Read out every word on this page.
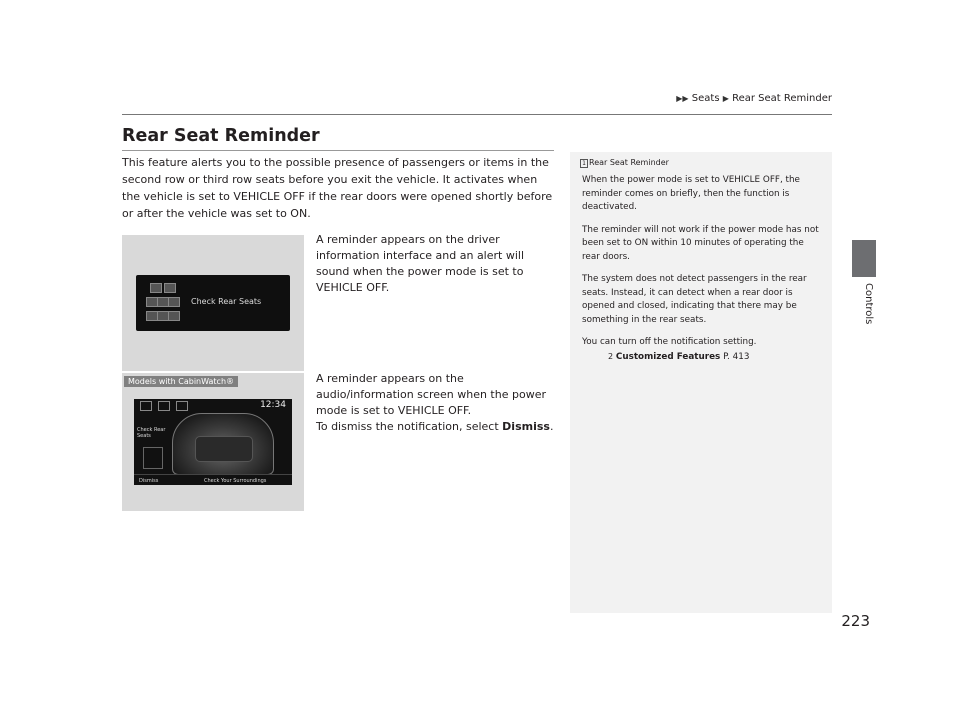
▶▶ Seats ▶ Rear Seat Reminder
Rear Seat Reminder

This feature alerts you to the possible presence of passengers or items in the second row or third row seats before you exit the vehicle. It activates when the vehicle is set to VEHICLE OFF if the rear doors were opened shortly before or after the vehicle was set to ON.

Controls
Check Rear Seats

A reminder appears on the driver information interface and an alert will sound when the power mode is set to VEHICLE OFF.

12:34
Check Rear Seats
Dismiss	Check Your Surroundings
Models with CabinWatch®	A reminder appears on the audio/information screen when the power mode is set to VEHICLE OFF.
To dismiss the notification, select Dismiss.

1 Rear Seat Reminder

When the power mode is set to VEHICLE OFF, the reminder comes on briefly, then the function is deactivated.

The reminder will not work if the power mode has not been set to ON within 10 minutes of operating the rear doors.

The system does not detect passengers in the rear seats. Instead, it can detect when a rear door is opened and closed, indicating that there may be something in the rear seats.

You can turn off the notification setting.

2 Customized Features P. 413
223
